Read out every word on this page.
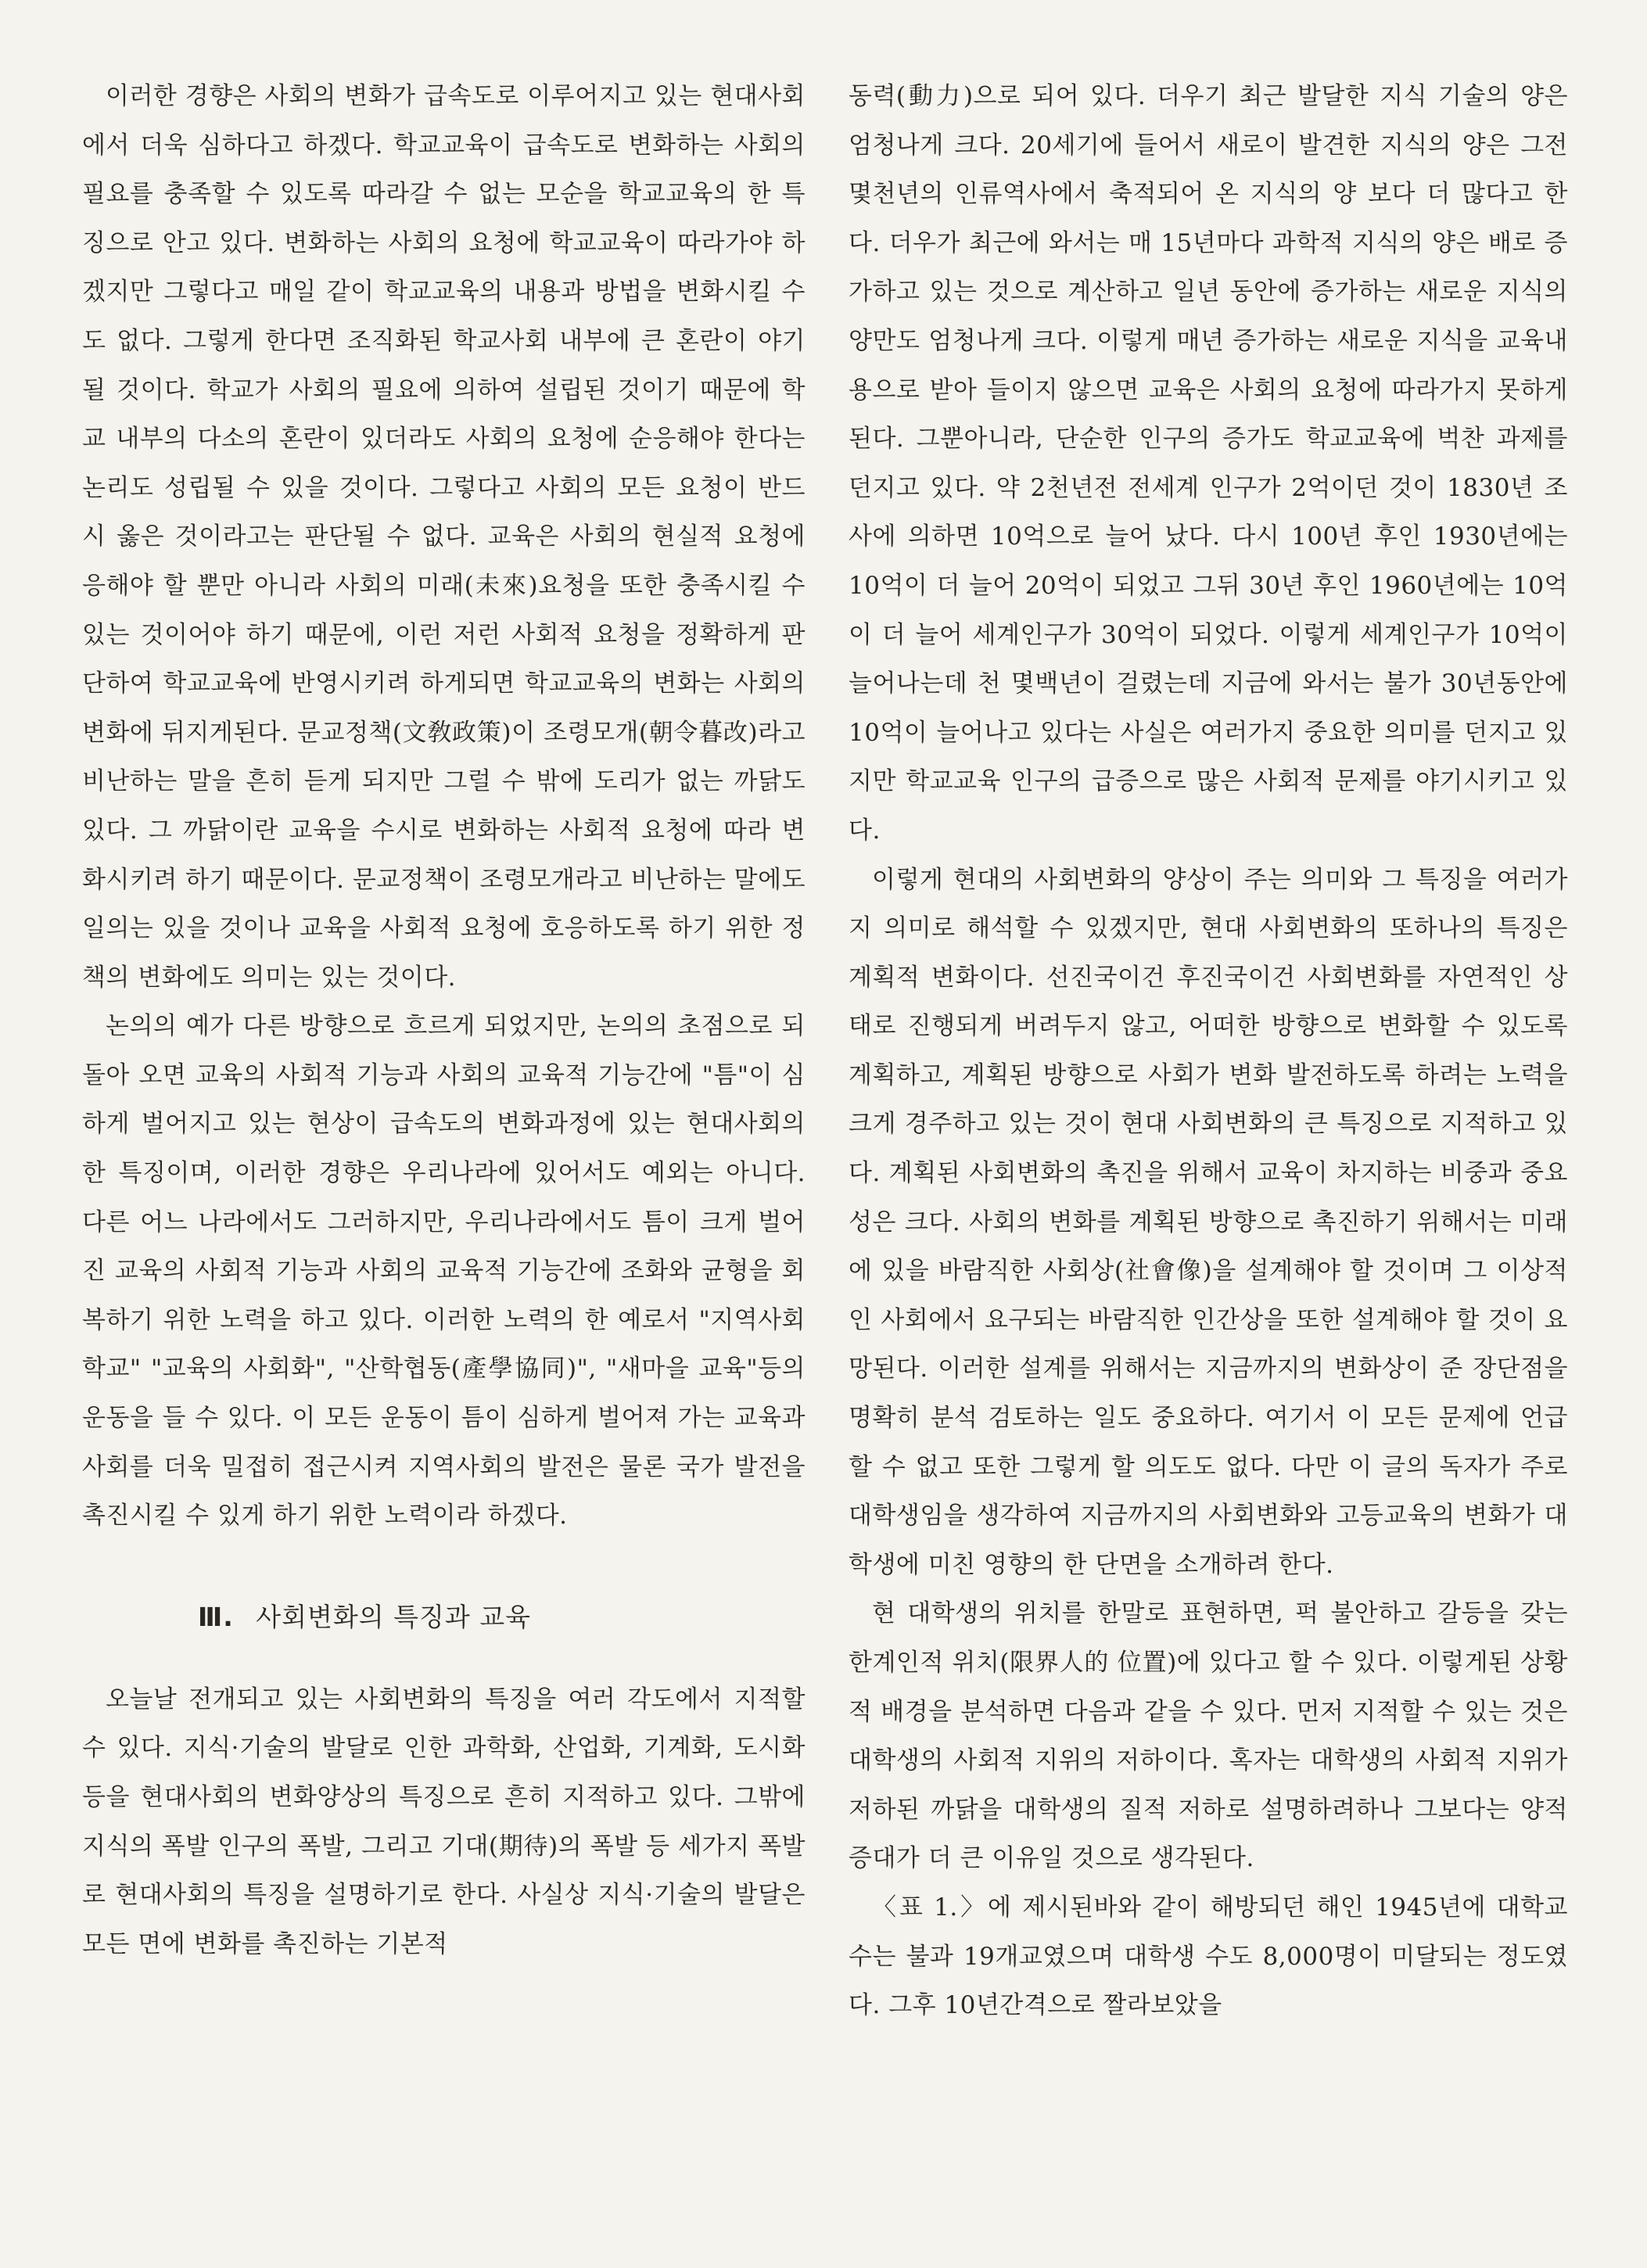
이러한 경향은 사회의 변화가 급속도로 이루어지고 있는 현대사회에서 더욱 심하다고 하겠다. 학교교육이 급속도로 변화하는 사회의 필요를 충족할 수 있도록 따라갈 수 없는 모순을 학교교육의 한 특징으로 안고 있다. 변화하는 사회의 요청에 학교교육이 따라가야 하겠지만 그렇다고 매일 같이 학교교육의 내용과 방법을 변화시킬 수도 없다. 그렇게 한다면 조직화된 학교사회 내부에 큰 혼란이 야기될 것이다. 학교가 사회의 필요에 의하여 설립된 것이기 때문에 학교 내부의 다소의 혼란이 있더라도 사회의 요청에 순응해야 한다는 논리도 성립될 수 있을 것이다. 그렇다고 사회의 모든 요청이 반드시 옳은 것이라고는 판단될 수 없다. 교육은 사회의 현실적 요청에 응해야 할 뿐만 아니라 사회의 미래(未來)요청을 또한 충족시킬 수 있는 것이어야 하기 때문에, 이런 저런 사회적 요청을 정확하게 판단하여 학교교육에 반영시키려 하게되면 학교교육의 변화는 사회의 변화에 뒤지게된다. 문교정책(文敎政策)이 조령모개(朝令暮改)라고 비난하는 말을 흔히 듣게 되지만 그럴 수 밖에 도리가 없는 까닭도 있다. 그 까닭이란 교육을 수시로 변화하는 사회적 요청에 따라 변화시키려 하기 때문이다. 문교정책이 조령모개라고 비난하는 말에도 일의는 있을 것이나 교육을 사회적 요청에 호응하도록 하기 위한 정책의 변화에도 의미는 있는 것이다.

논의의 예가 다른 방향으로 흐르게 되었지만, 논의의 초점으로 되돌아 오면 교육의 사회적 기능과 사회의 교육적 기능간에 "틈"이 심하게 벌어지고 있는 현상이 급속도의 변화과정에 있는 현대사회의 한 특징이며, 이러한 경향은 우리나라에 있어서도 예외는 아니다. 다른 어느 나라에서도 그러하지만, 우리나라에서도 틈이 크게 벌어진 교육의 사회적 기능과 사회의 교육적 기능간에 조화와 균형을 회복하기 위한 노력을 하고 있다. 이러한 노력의 한 예로서 "지역사회 학교" "교육의 사회화", "산학협동(產學協同)", "새마을 교육"등의 운동을 들 수 있다. 이 모든 운동이 틈이 심하게 벌어져 가는 교육과 사회를 더욱 밀접히 접근시켜 지역사회의 발전은 물론 국가 발전을 촉진시킬 수 있게 하기 위한 노력이라 하겠다.

Ⅲ. 사회변화의 특징과 교육

오늘날 전개되고 있는 사회변화의 특징을 여러 각도에서 지적할 수 있다. 지식·기술의 발달로 인한 과학화, 산업화, 기계화, 도시화등을 현대사회의 변화양상의 특징으로 흔히 지적하고 있다. 그밖에 지식의 폭발 인구의 폭발, 그리고 기대(期待)의 폭발 등 세가지 폭발로 현대사회의 특징을 설명하기로 한다. 사실상 지식·기술의 발달은 모든 면에 변화를 촉진하는 기본적

동력(動力)으로 되어 있다. 더우기 최근 발달한 지식 기술의 양은 엄청나게 크다. 20세기에 들어서 새로이 발견한 지식의 양은 그전 몇천년의 인류역사에서 축적되어 온 지식의 양 보다 더 많다고 한다. 더우가 최근에 와서는 매 15년마다 과학적 지식의 양은 배로 증가하고 있는 것으로 계산하고 일년 동안에 증가하는 새로운 지식의 양만도 엄청나게 크다. 이렇게 매년 증가하는 새로운 지식을 교육내용으로 받아 들이지 않으면 교육은 사회의 요청에 따라가지 못하게 된다. 그뿐아니라, 단순한 인구의 증가도 학교교육에 벅찬 과제를 던지고 있다. 약 2천년전 전세계 인구가 2억이던 것이 1830년 조사에 의하면 10억으로 늘어 났다. 다시 100년 후인 1930년에는 10억이 더 늘어 20억이 되었고 그뒤 30년 후인 1960년에는 10억이 더 늘어 세계인구가 30억이 되었다. 이렇게 세계인구가 10억이 늘어나는데 천 몇백년이 걸렸는데 지금에 와서는 불가 30년동안에 10억이 늘어나고 있다는 사실은 여러가지 중요한 의미를 던지고 있지만 학교교육 인구의 급증으로 많은 사회적 문제를 야기시키고 있다.

이렇게 현대의 사회변화의 양상이 주는 의미와 그 특징을 여러가지 의미로 해석할 수 있겠지만, 현대 사회변화의 또하나의 특징은 계획적 변화이다. 선진국이건 후진국이건 사회변화를 자연적인 상태로 진행되게 버려두지 않고, 어떠한 방향으로 변화할 수 있도록 계획하고, 계획된 방향으로 사회가 변화 발전하도록 하려는 노력을 크게 경주하고 있는 것이 현대 사회변화의 큰 특징으로 지적하고 있다. 계획된 사회변화의 촉진을 위해서 교육이 차지하는 비중과 중요성은 크다. 사회의 변화를 계획된 방향으로 촉진하기 위해서는 미래에 있을 바람직한 사회상(社會像)을 설계해야 할 것이며 그 이상적인 사회에서 요구되는 바람직한 인간상을 또한 설계해야 할 것이 요망된다. 이러한 설계를 위해서는 지금까지의 변화상이 준 장단점을 명확히 분석 검토하는 일도 중요하다. 여기서 이 모든 문제에 언급할 수 없고 또한 그렇게 할 의도도 없다. 다만 이 글의 독자가 주로 대학생임을 생각하여 지금까지의 사회변화와 고등교육의 변화가 대학생에 미친 영향의 한 단면을 소개하려 한다.

현 대학생의 위치를 한말로 표현하면, 퍽 불안하고 갈등을 갖는 한계인적 위치(限界人的 位置)에 있다고 할 수 있다. 이렇게된 상황적 배경을 분석하면 다음과 같을 수 있다. 먼저 지적할 수 있는 것은 대학생의 사회적 지위의 저하이다. 혹자는 대학생의 사회적 지위가 저하된 까닭을 대학생의 질적 저하로 설명하려하나 그보다는 양적 증대가 더 큰 이유일 것으로 생각된다.

〈표 1.〉에 제시된바와 같이 해방되던 해인 1945년에 대학교 수는 불과 19개교였으며 대학생 수도 8,000명이 미달되는 정도였다. 그후 10년간격으로 짤라보았을
